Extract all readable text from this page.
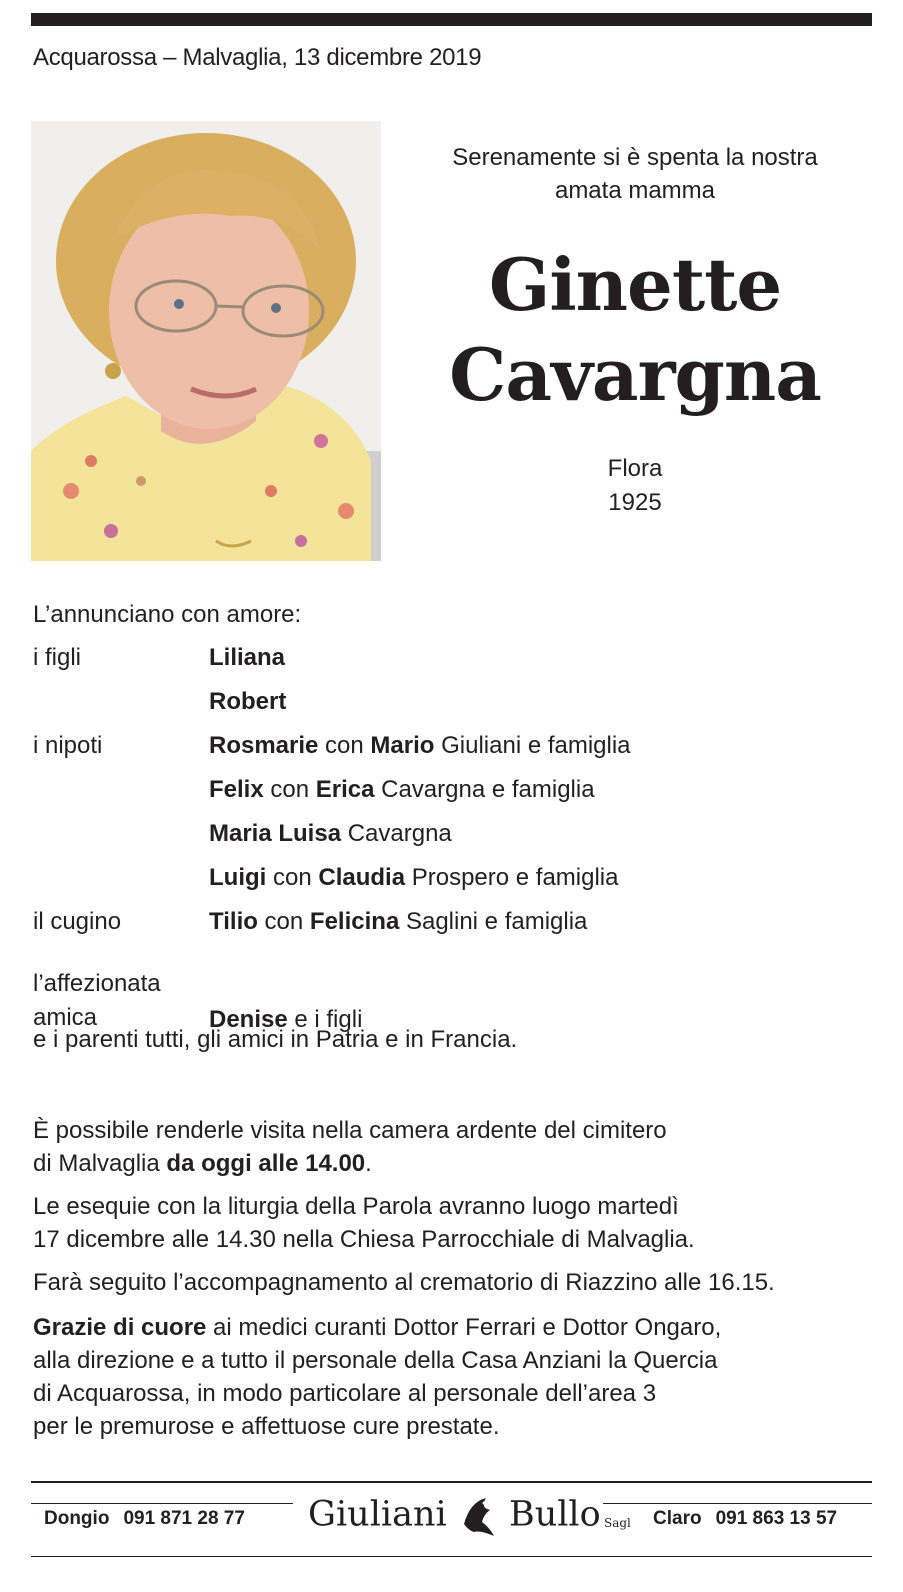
Acquarossa – Malvaglia, 13 dicembre 2019
Serenamente si è spenta la nostra
amata mamma
Ginette
Cavargna
Flora
1925
L’annunciano con amore:
i figli	Liliana
	Robert
i nipoti	Rosmarie con Mario Giuliani e famiglia
	Felix con Erica Cavargna e famiglia
	Maria Luisa Cavargna
	Luigi con Claudia Prospero e famiglia
il cugino	Tilio con Felicina Saglini e famiglia
l’affezionata
amica	Denise e i figli
e i parenti tutti, gli amici in Patria e in Francia.
È possibile renderle visita nella camera ardente del cimitero
di Malvaglia da oggi alle 14.00.
Le esequie con la liturgia della Parola avranno luogo martedì
17 dicembre alle 14.30 nella Chiesa Parrocchiale di Malvaglia.
Farà seguito l’accompagnamento al crematorio di Riazzino alle 16.15.
Grazie di cuore ai medici curanti Dottor Ferrari e Dottor Ongaro,
alla direzione e a tutto il personale della Casa Anziani la Quercia
di Acquarossa, in modo particolare al personale dell’area 3
per le premurose e affettuose cure prestate.
Dongio 091 871 28 77 Giuliani Bullo Sagl Claro 091 863 13 57
